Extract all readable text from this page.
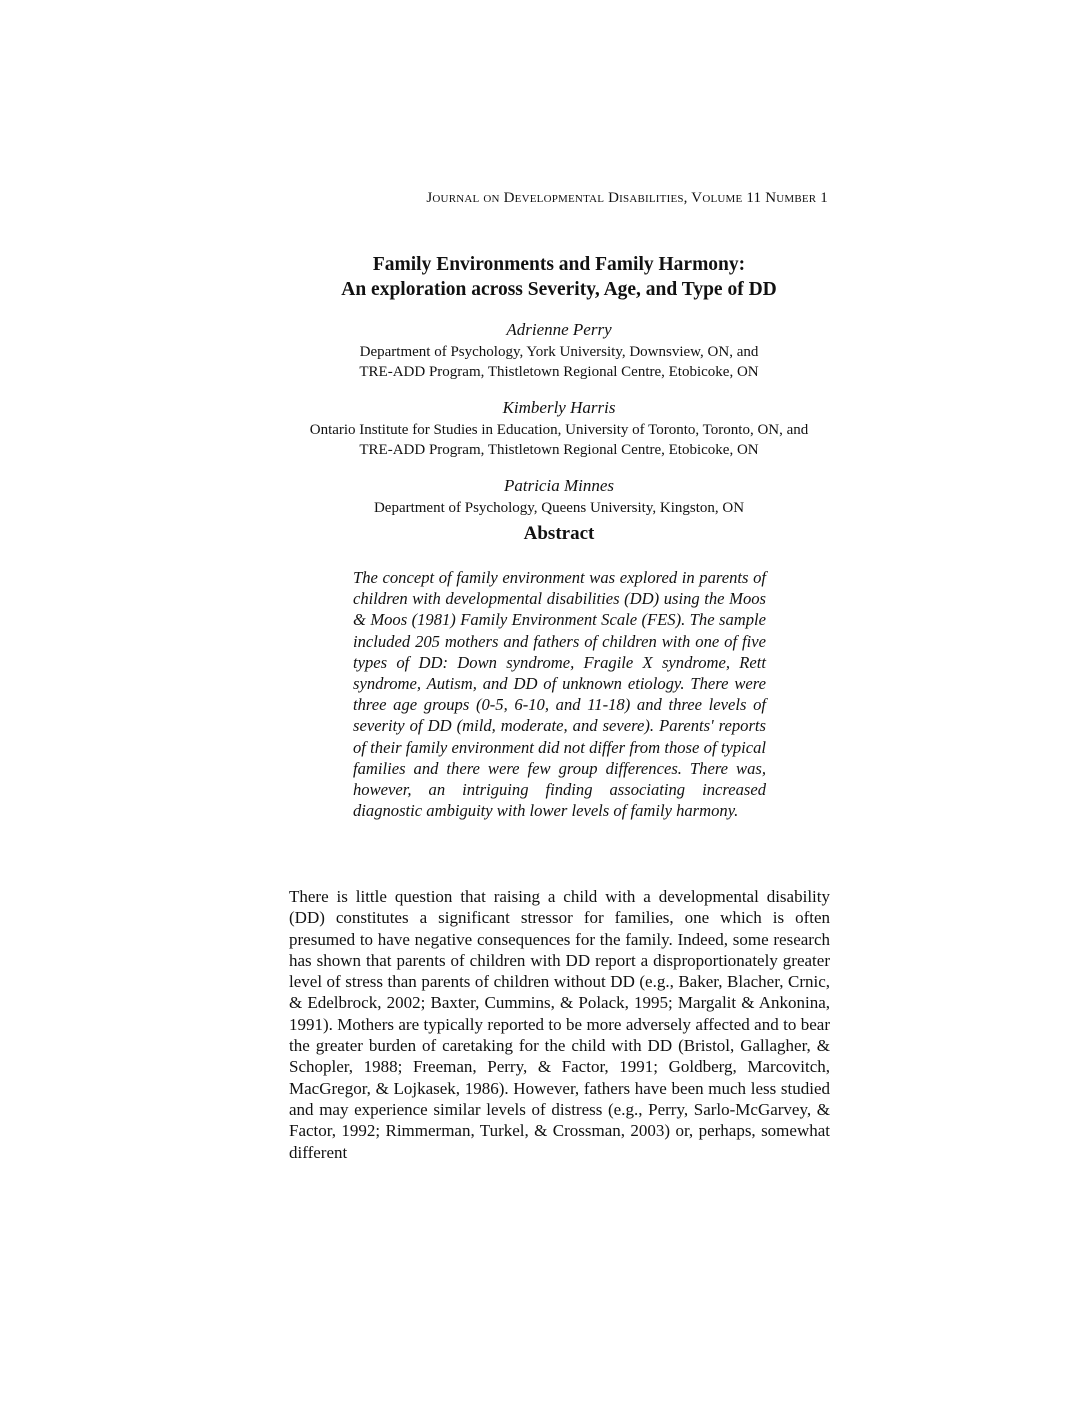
Journal on Developmental Disabilities, Volume 11 Number 1
Family Environments and Family Harmony:
An exploration across Severity, Age, and Type of DD
Adrienne Perry
Department of Psychology, York University, Downsview, ON, and
TRE-ADD Program, Thistletown Regional Centre, Etobicoke, ON
Kimberly Harris
Ontario Institute for Studies in Education, University of Toronto, Toronto, ON, and
TRE-ADD Program, Thistletown Regional Centre, Etobicoke, ON
Patricia Minnes
Department of Psychology, Queens University, Kingston, ON
Abstract
The concept of family environment was explored in parents of children with developmental disabilities (DD) using the Moos & Moos (1981) Family Environment Scale (FES). The sample included 205 mothers and fathers of children with one of five types of DD: Down syndrome, Fragile X syndrome, Rett syndrome, Autism, and DD of unknown etiology. There were three age groups (0-5, 6-10, and 11-18) and three levels of severity of DD (mild, moderate, and severe). Parents' reports of their family environment did not differ from those of typical families and there were few group differences. There was, however, an intriguing finding associating increased diagnostic ambiguity with lower levels of family harmony.
There is little question that raising a child with a developmental disability (DD) constitutes a significant stressor for families, one which is often presumed to have negative consequences for the family. Indeed, some research has shown that parents of children with DD report a disproportionately greater level of stress than parents of children without DD (e.g., Baker, Blacher, Crnic, & Edelbrock, 2002; Baxter, Cummins, & Polack, 1995; Margalit & Ankonina, 1991). Mothers are typically reported to be more adversely affected and to bear the greater burden of caretaking for the child with DD (Bristol, Gallagher, & Schopler, 1988; Freeman, Perry, & Factor, 1991; Goldberg, Marcovitch, MacGregor, & Lojkasek, 1986). However, fathers have been much less studied and may experience similar levels of distress (e.g., Perry, Sarlo-McGarvey, & Factor, 1992; Rimmerman, Turkel, & Crossman, 2003) or, perhaps, somewhat different
